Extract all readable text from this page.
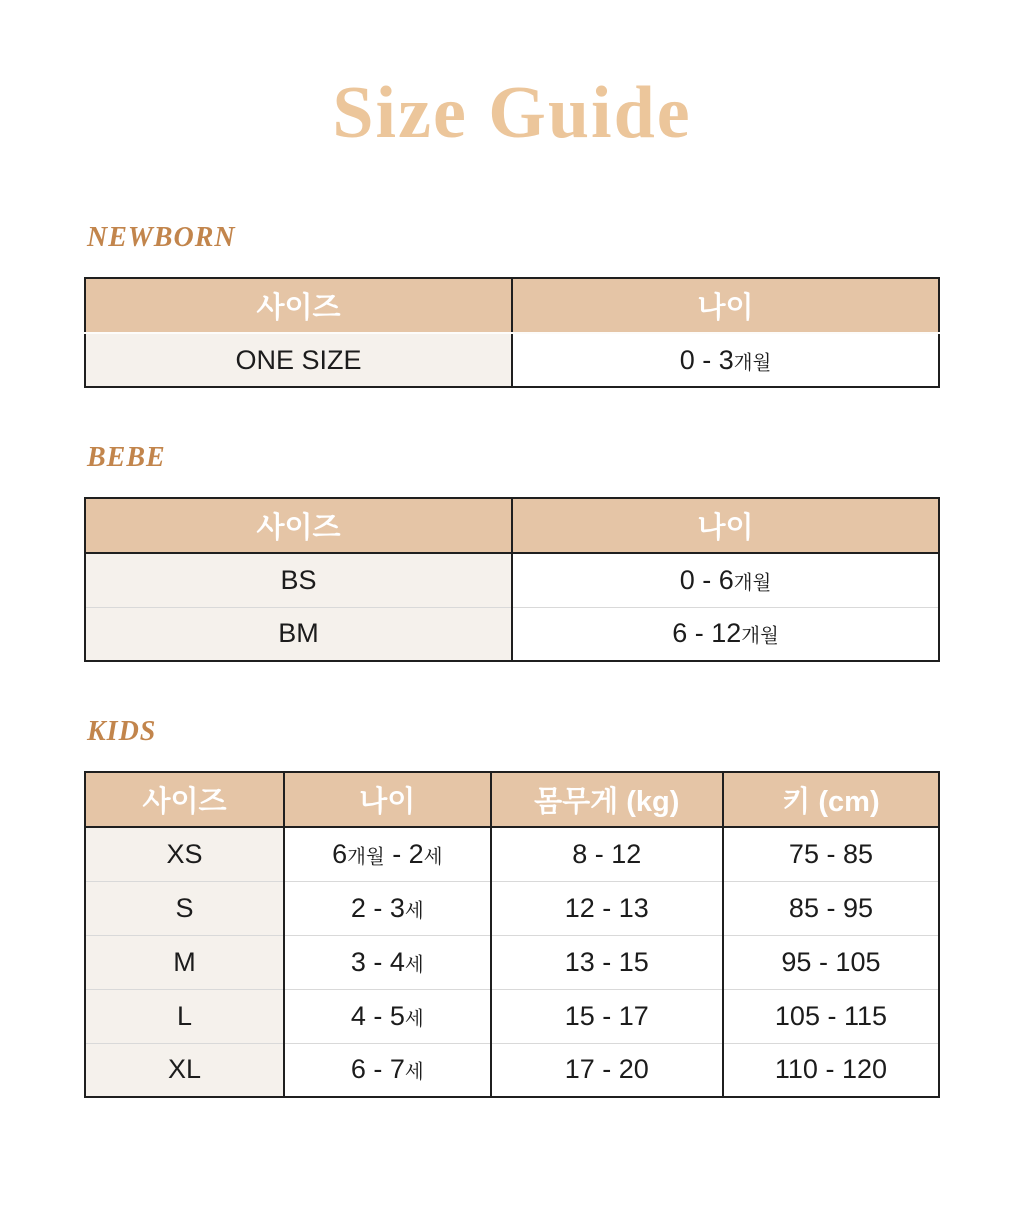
Size Guide
NEWBORN
사이즈	나이
ONE SIZE	0 - 3개월
BEBE
사이즈	나이
BS	0 - 6개월
BM	6 - 12개월
KIDS
사이즈	나이	몸무게 (kg)	키 (cm)
XS	6개월 - 2세	8 - 12	75 - 85
S	2 - 3세	12 - 13	85 - 95
M	3 - 4세	13 - 15	95 - 105
L	4 - 5세	15 - 17	105 - 115
XL	6 - 7세	17 - 20	110 - 120
